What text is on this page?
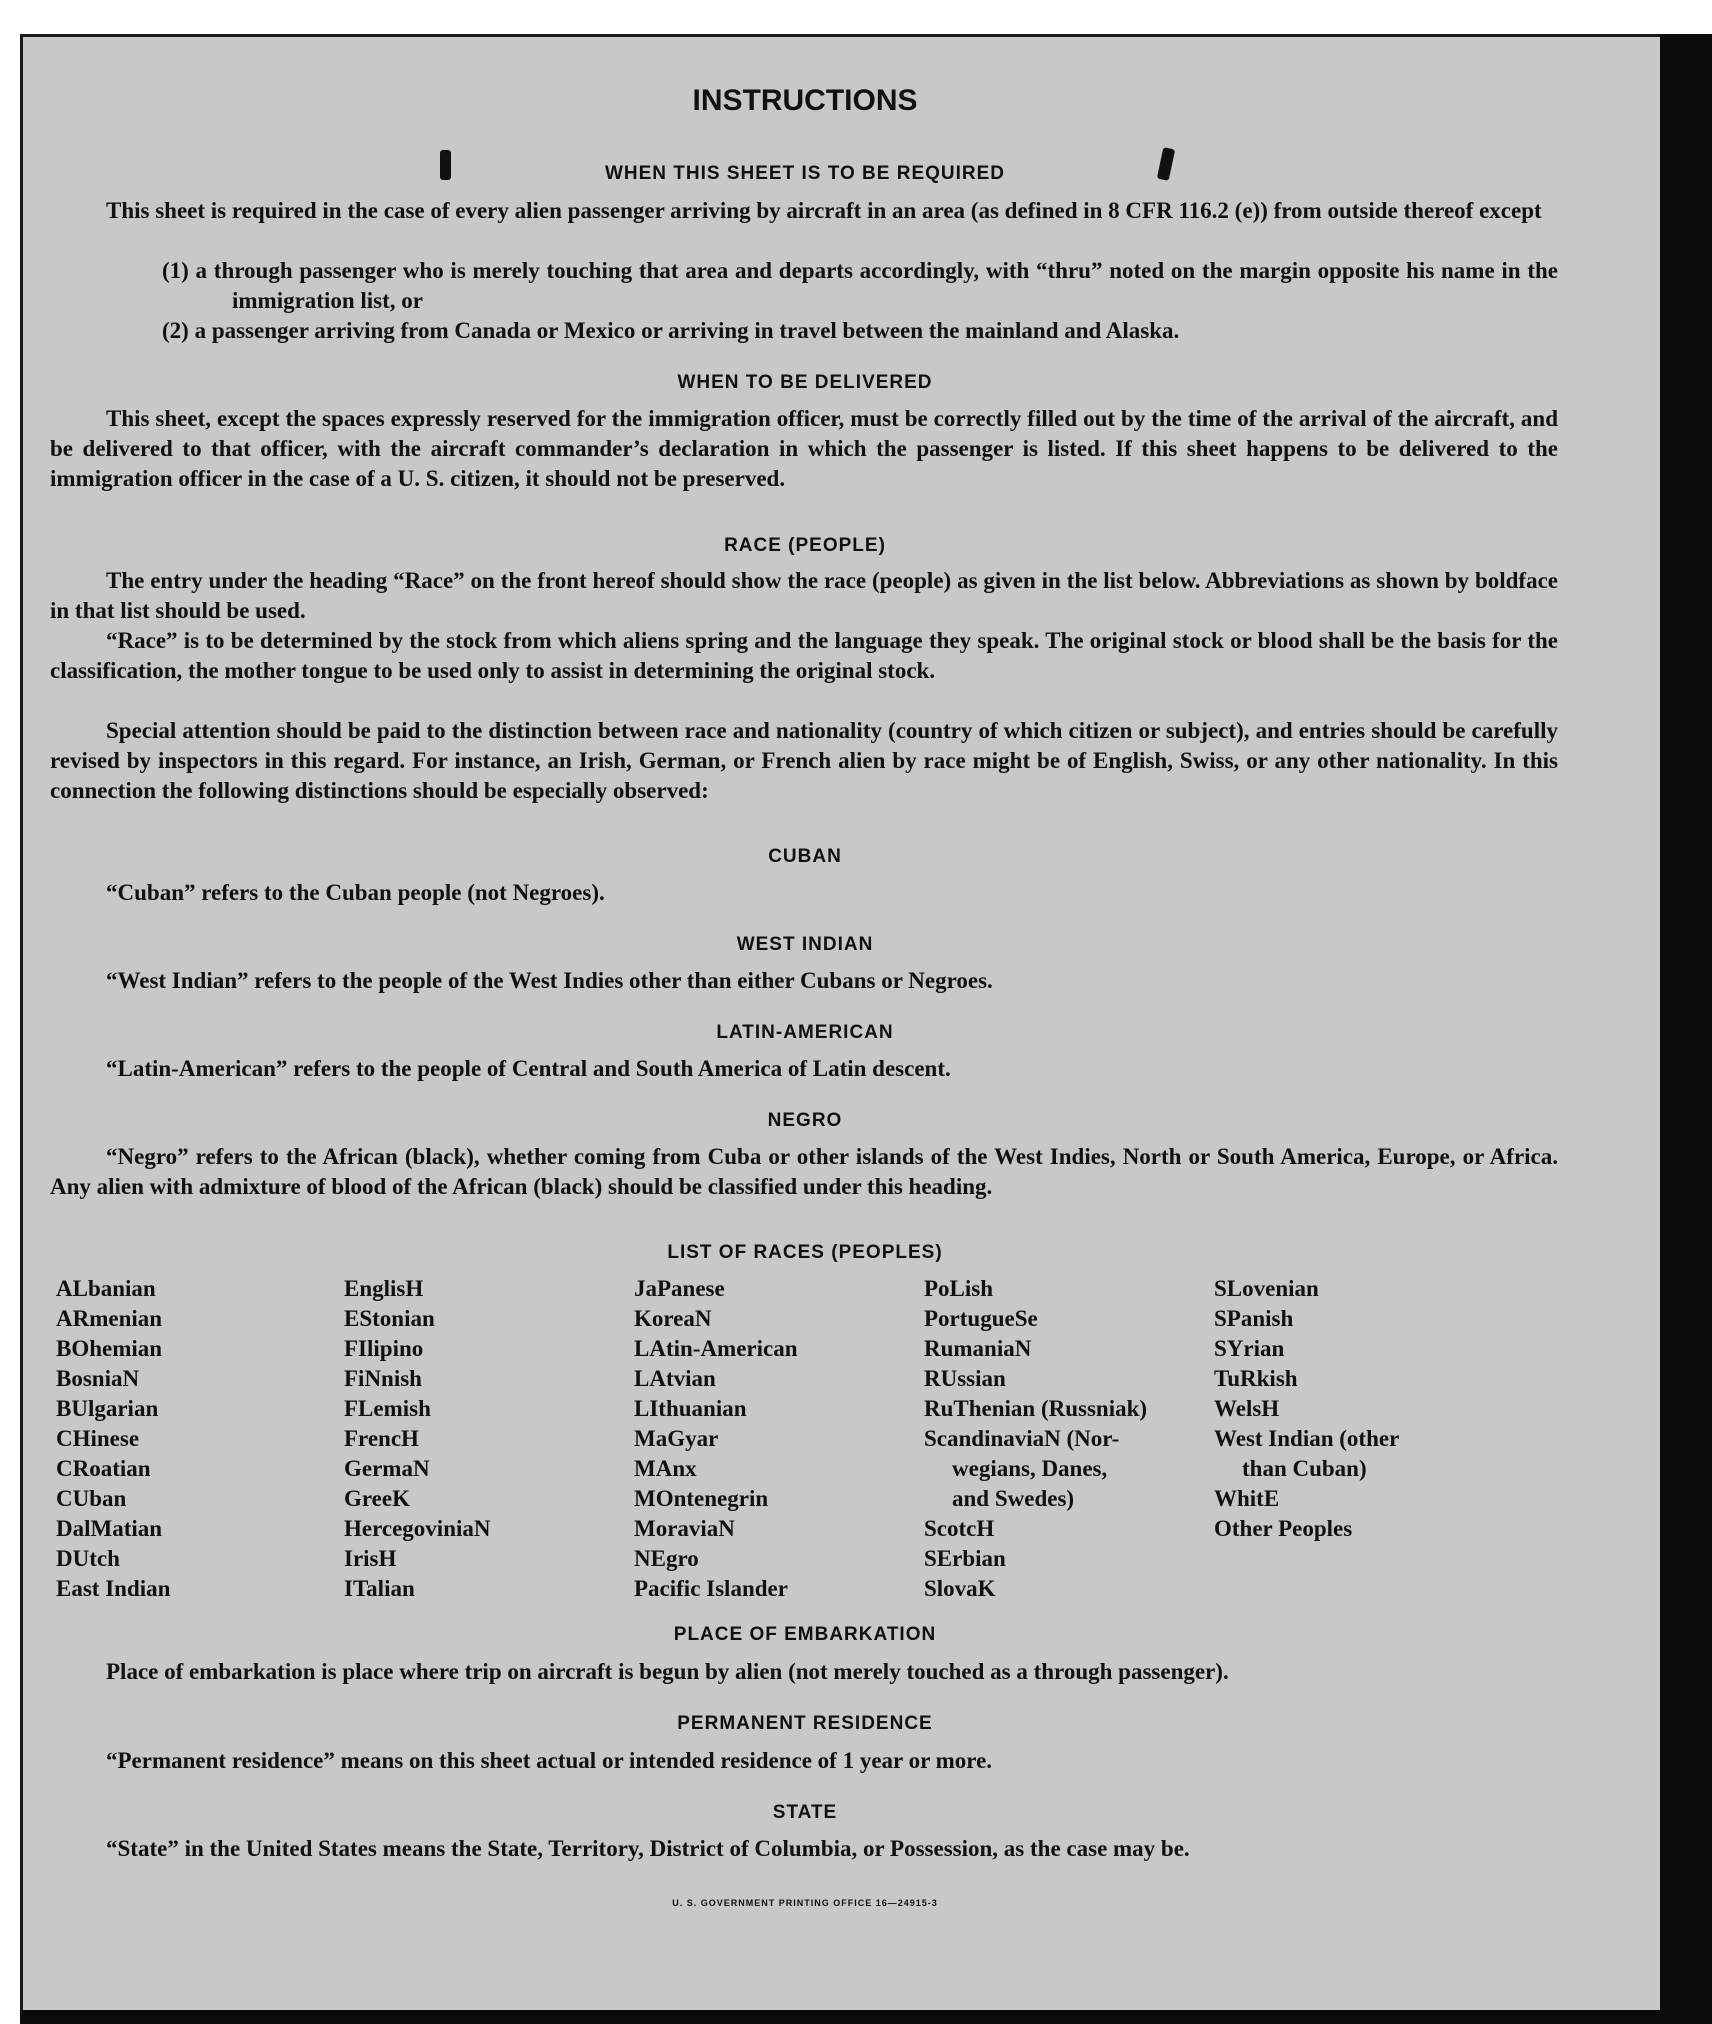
INSTRUCTIONS
WHEN THIS SHEET IS TO BE REQUIRED
This sheet is required in the case of every alien passenger arriving by aircraft in an area (as defined in 8 CFR 116.2 (e)) from outside thereof except
(1) a through passenger who is merely touching that area and departs accordingly, with “thru” noted on the margin opposite his name in the immigration list, or
(2) a passenger arriving from Canada or Mexico or arriving in travel between the mainland and Alaska.
WHEN TO BE DELIVERED
This sheet, except the spaces expressly reserved for the immigration officer, must be correctly filled out by the time of the arrival of the aircraft, and be delivered to that officer, with the aircraft commander’s declaration in which the passenger is listed. If this sheet happens to be delivered to the immigration officer in the case of a U. S. citizen, it should not be preserved.
RACE (PEOPLE)
The entry under the heading “Race” on the front hereof should show the race (people) as given in the list below. Abbreviations as shown by boldface in that list should be used.
“Race” is to be determined by the stock from which aliens spring and the language they speak. The original stock or blood shall be the basis for the classification, the mother tongue to be used only to assist in determining the original stock.
Special attention should be paid to the distinction between race and nationality (country of which citizen or subject), and entries should be carefully revised by inspectors in this regard. For instance, an Irish, German, or French alien by race might be of English, Swiss, or any other nationality. In this connection the following distinctions should be especially observed:
CUBAN
“Cuban” refers to the Cuban people (not Negroes).
WEST INDIAN
“West Indian” refers to the people of the West Indies other than either Cubans or Negroes.
LATIN-AMERICAN
“Latin-American” refers to the people of Central and South America of Latin descent.
NEGRO
“Negro” refers to the African (black), whether coming from Cuba or other islands of the West Indies, North or South America, Europe, or Africa. Any alien with admixture of blood of the African (black) should be classified under this heading.
LIST OF RACES (PEOPLES)
ALbanian
ARmenian
BOhemian
BosniaN
BUlgarian
CHinese
CRoatian
CUban
DalMatian
DUtch
East Indian
EnglisH
EStonian
FIlipino
FiNnish
FLemish
FrencH
GermaN
GreeK
HercegoviniaN
IrisH
ITalian
JaPanese
KoreaN
LAtin-American
LAtvian
LIthuanian
MaGyar
MAnx
MOntenegrin
MoraviaN
NEgro
Pacific Islander
PoLish
PortugueSe
RumaniaN
RUssian
RuThenian (Russniak)
ScandinaviaN (Nor-
wegians, Danes,
and Swedes)
ScotcH
SErbian
SlovaK
SLovenian
SPanish
SYrian
TuRkish
WelsH
West Indian (other
than Cuban)
WhitE
Other Peoples
PLACE OF EMBARKATION
Place of embarkation is place where trip on aircraft is begun by alien (not merely touched as a through passenger).
PERMANENT RESIDENCE
“Permanent residence” means on this sheet actual or intended residence of 1 year or more.
STATE
“State” in the United States means the State, Territory, District of Columbia, or Possession, as the case may be.
U. S. GOVERNMENT PRINTING OFFICE 16—24915-3
